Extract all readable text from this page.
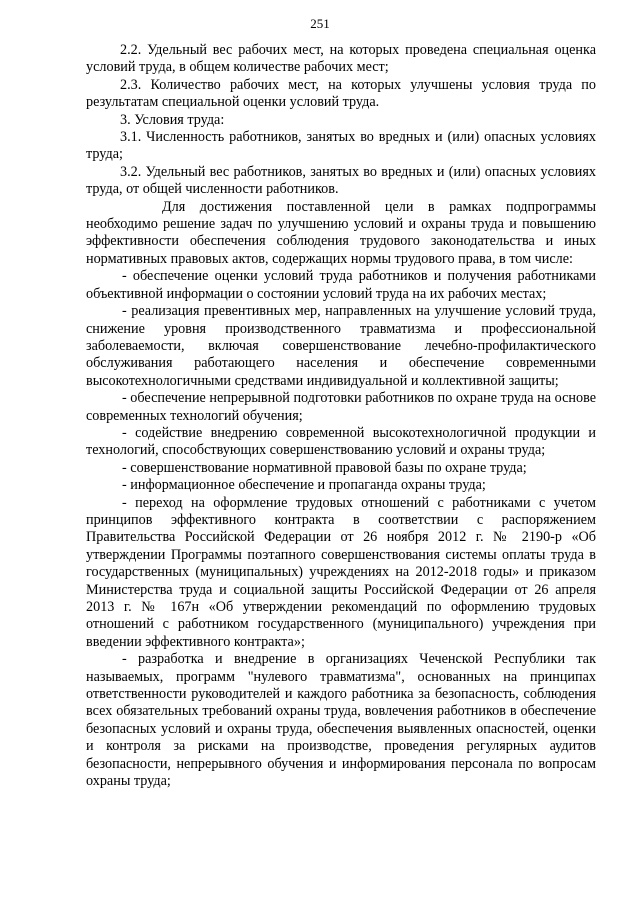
251

2.2. Удельный вес рабочих мест, на которых проведена специальная оценка условий труда, в общем количестве рабочих мест;

2.3. Количество рабочих мест, на которых улучшены условия труда по результатам специальной оценки условий труда.

3. Условия труда:

3.1. Численность работников, занятых во вредных и (или) опасных условиях труда;

3.2. Удельный вес работников, занятых во вредных и (или) опасных условиях труда, от общей численности работников.

Для достижения поставленной цели в рамках подпрограммы необходимо решение задач по улучшению условий и охраны труда и повышению эффективности обеспечения соблюдения трудового законодательства и иных нормативных правовых актов, содержащих нормы трудового права, в том числе:

- обеспечение оценки условий труда работников и получения работниками объективной информации о состоянии условий труда на их рабочих местах;

- реализация превентивных мер, направленных на улучшение условий труда, снижение уровня производственного травматизма и профессиональной заболеваемости, включая совершенствование лечебно-профилактического обслуживания работающего населения и обеспечение современными высокотехнологичными средствами индивидуальной и коллективной защиты;

- обеспечение непрерывной подготовки работников по охране труда на основе современных технологий обучения;

- содействие внедрению современной высокотехнологичной продукции и технологий, способствующих совершенствованию условий и охраны труда;

- совершенствование нормативной правовой базы по охране труда;

- информационное обеспечение и пропаганда охраны труда;

- переход на оформление трудовых отношений с работниками с учетом принципов эффективного контракта в соответствии с распоряжением Правительства Российской Федерации от 26 ноября 2012 г. № 2190-р «Об утверждении Программы поэтапного совершенствования системы оплаты труда в государственных (муниципальных) учреждениях на 2012-2018 годы» и приказом Министерства труда и социальной защиты Российской Федерации от 26 апреля 2013 г. № 167н «Об утверждении рекомендаций по оформлению трудовых отношений с работником государственного (муниципального) учреждения при введении эффективного контракта»;

- разработка и внедрение в организациях Чеченской Республики так называемых, программ "нулевого травматизма", основанных на принципах ответственности руководителей и каждого работника за безопасность, соблюдения всех обязательных требований охраны труда, вовлечения работников в обеспечение безопасных условий и охраны труда, обеспечения выявленных опасностей, оценки и контроля за рисками на производстве, проведения регулярных аудитов безопасности, непрерывного обучения и информирования персонала по вопросам охраны труда;
